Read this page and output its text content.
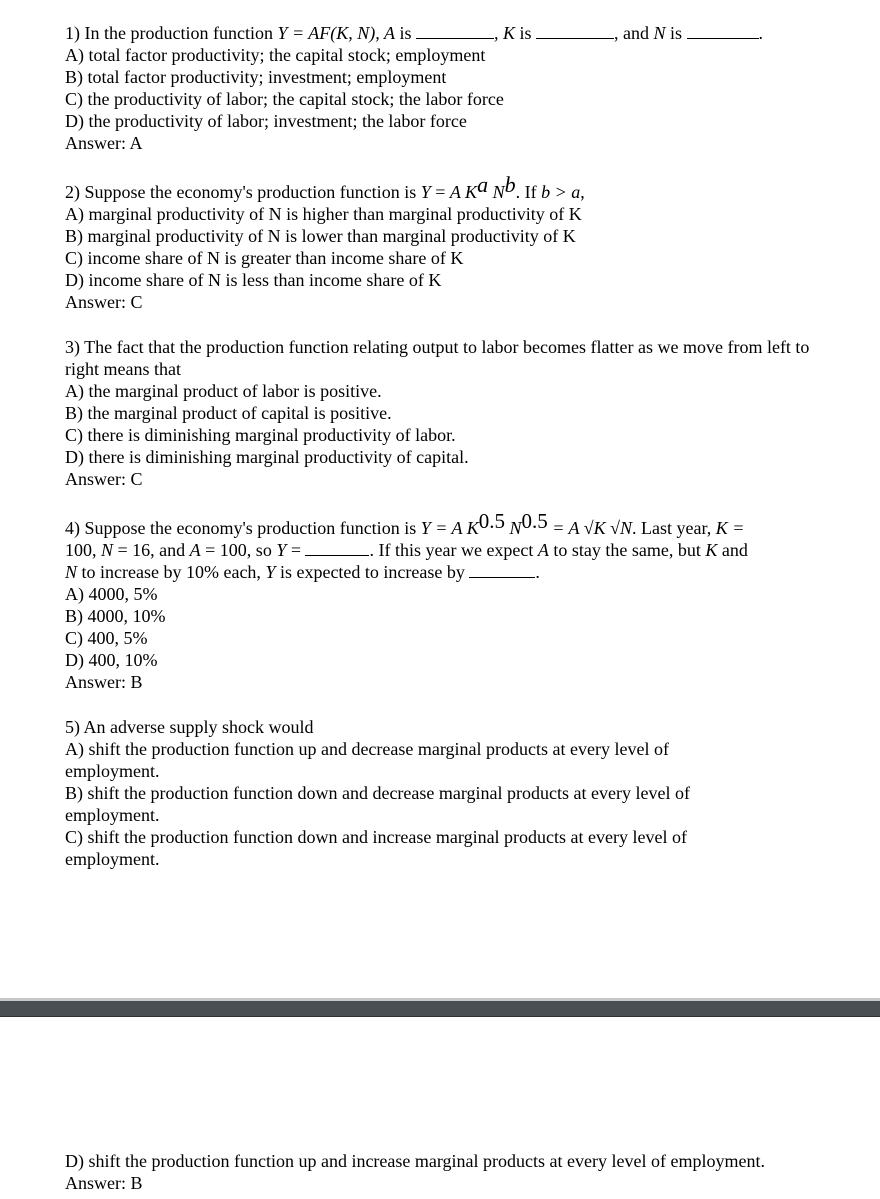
1) In the production function Y = AF(K, N), A is	, K is	, and N is	.
A) total factor productivity; the capital stock; employment
B) total factor productivity; investment; employment
C) the productivity of labor; the capital stock; the labor force
D) the productivity of labor; investment; the labor force
Answer: A
2) Suppose the economy's production function is Y = A Ka Nb. If b > a,
A) marginal productivity of N is higher than marginal productivity of K
B) marginal productivity of N is lower than marginal productivity of K
C) income share of N is greater than income share of K
D) income share of N is less than income share of K
Answer: C
3) The fact that the production function relating output to labor becomes flatter as we move from left to right means that
A) the marginal product of labor is positive.
B) the marginal product of capital is positive.
C) there is diminishing marginal productivity of labor.
D) there is diminishing marginal productivity of capital.
Answer: C
4) Suppose the economy's production function is Y = A K0.5 N0.5 = A √K √N. Last year, K =
100, N = 16, and A = 100, so Y =	. If this year we expect A to stay the same, but K and
N to increase by 10% each, Y is expected to increase by	.
A) 4000, 5%
B) 4000, 10%
C) 400, 5%
D) 400, 10%
Answer: B
5) An adverse supply shock would
A) shift the production function up and decrease marginal products at every level of employment.
B) shift the production function down and decrease marginal products at every level of employment.
C) shift the production function down and increase marginal products at every level of employment.
D) shift the production function up and increase marginal products at every level of employment.
Answer: B
